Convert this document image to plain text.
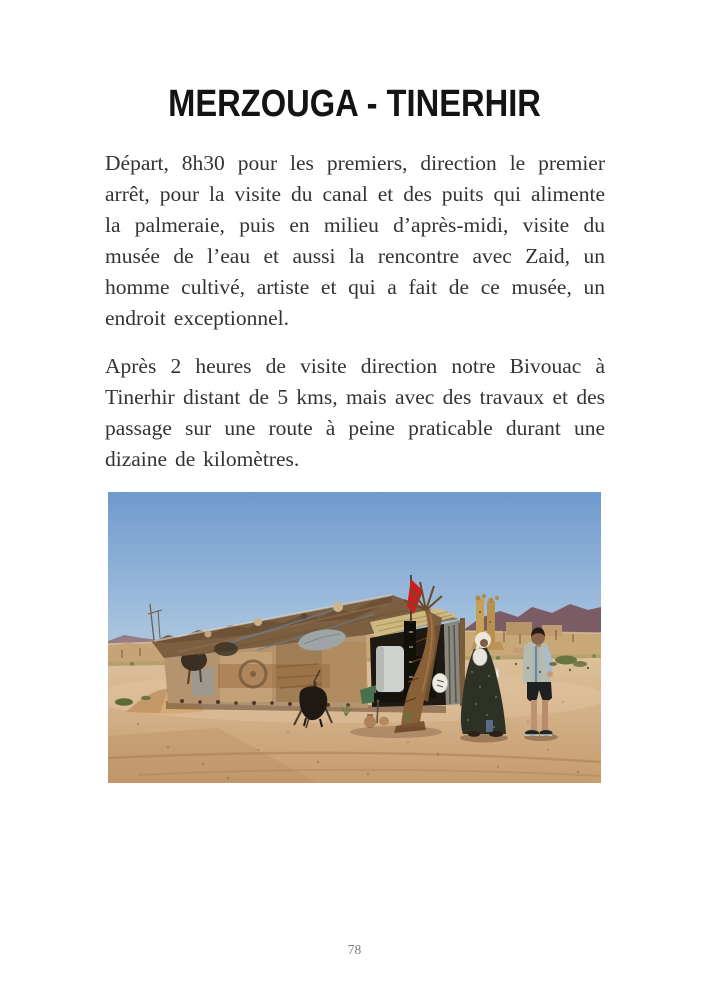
MERZOUGA - TINERHIR

Départ, 8h30 pour les premiers, direction le premier arrêt, pour la visite du canal et des puits qui alimente la palmeraie, puis en milieu d’après-midi, visite du musée de l’eau et aussi la rencontre avec Zaid, un homme cultivé, artiste et qui a fait de ce musée, un endroit exceptionnel.

Après 2 heures de visite direction notre Bivouac à Tinerhir distant de 5 kms, mais avec des travaux et des passage sur une route à peine praticable durant une dizaine de kilomètres.

78
